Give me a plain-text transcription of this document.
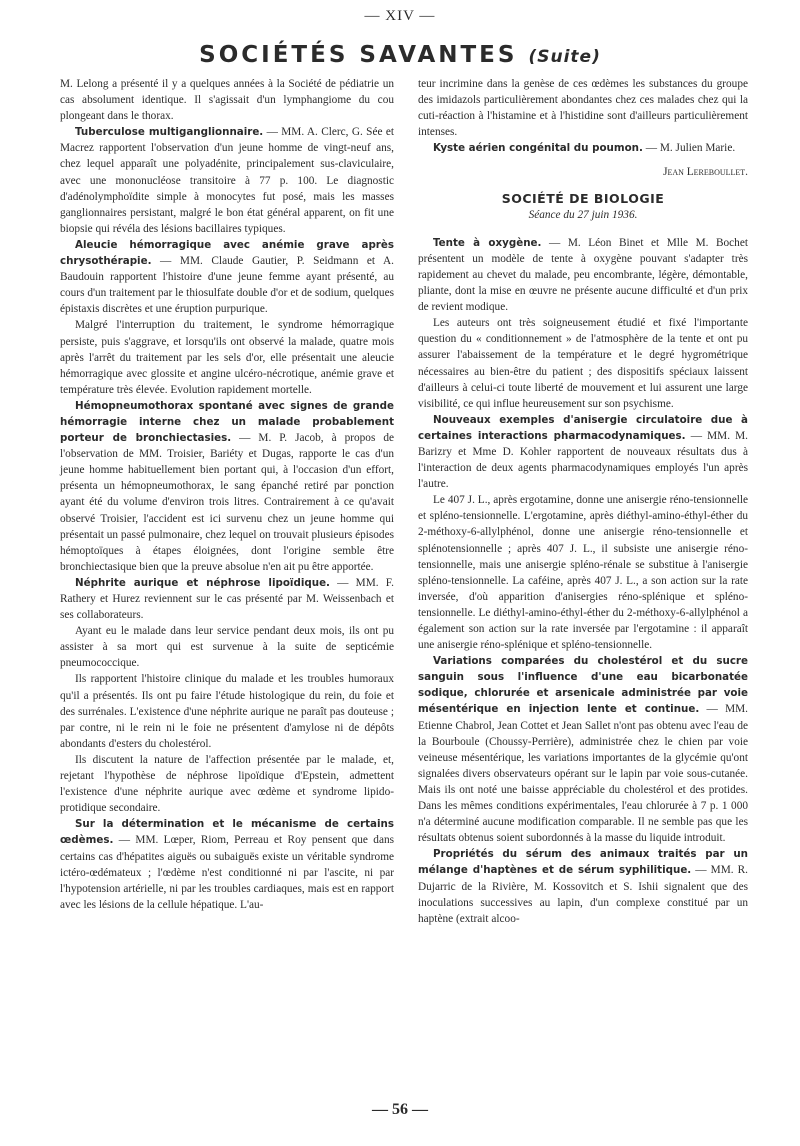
— XIV —
SOCIÉTÉS SAVANTES (Suite)

M. Lelong a présenté il y a quelques années à la Société de pédiatrie un cas absolument identique. Il s'agissait d'un lymphangiome du cou plongeant dans le thorax.

Tuberculose multiganglionnaire. — MM. A. Clerc, G. Sée et Macrez rapportent l'observation d'un jeune homme de vingt-neuf ans, chez lequel apparaît une polyadénite, principalement sus-claviculaire, avec une mononucléose transitoire à 77 p. 100. Le diagnostic d'adénolymphoïdite simple à monocytes fut posé, mais les masses ganglionnaires persistant, malgré le bon état général apparent, on fit une biopsie qui révéla des lésions bacillaires typiques.

Aleucie hémorragique avec anémie grave après chrysothérapie. — MM. Claude Gautier, P. Seidmann et A. Baudouin rapportent l'histoire d'une jeune femme ayant présenté, au cours d'un traitement par le thiosulfate double d'or et de sodium, quelques épistaxis discrètes et une éruption purpurique.

Malgré l'interruption du traitement, le syndrome hémorragique persiste, puis s'aggrave, et lorsqu'ils ont observé la malade, quatre mois après l'arrêt du traitement par les sels d'or, elle présentait une aleucie hémorragique avec glossite et angine ulcéro-nécrotique, anémie grave et température très élevée. Evolution rapidement mortelle.

Hémopneumothorax spontané avec signes de grande hémorragie interne chez un malade probablement porteur de bronchiectasies. — M. P. Jacob, à propos de l'observation de MM. Troisier, Bariéty et Dugas, rapporte le cas d'un jeune homme habituellement bien portant qui, à l'occasion d'un effort, présenta un hémopneumothorax, le sang épanché retiré par ponction ayant été du volume d'environ trois litres. Contrairement à ce qu'avait observé Troisier, l'accident est ici survenu chez un jeune homme qui présentait un passé pulmonaire, chez lequel on trouvait plusieurs épisodes hémoptoïques à étapes éloignées, dont l'origine semble être bronchiectasique bien que la preuve absolue n'en ait pu être apportée.

Néphrite aurique et néphrose lipoïdique. — MM. F. Rathery et Hurez reviennent sur le cas présenté par M. Weissenbach et ses collaborateurs.

Ayant eu le malade dans leur service pendant deux mois, ils ont pu assister à sa mort qui est survenue à la suite de septicémie pneumococcique.

Ils rapportent l'histoire clinique du malade et les troubles humoraux qu'il a présentés. Ils ont pu faire l'étude histologique du rein, du foie et des surrénales. L'existence d'une néphrite aurique ne paraît pas douteuse ; par contre, ni le rein ni le foie ne présentent d'amylose ni de dépôts abondants d'esters du cholestérol.

Ils discutent la nature de l'affection présentée par le malade, et, rejetant l'hypothèse de néphrose lipoïdique d'Epstein, admettent l'existence d'une néphrite aurique avec œdème et syndrome lipido-protidique secondaire.

Sur la détermination et le mécanisme de certains œdèmes. — MM. Lœper, Riom, Perreau et Roy pensent que dans certains cas d'hépatites aiguës ou subaiguës existe un véritable syndrome ictéro-œdémateux ; l'œdème n'est conditionné ni par l'ascite, ni par l'hypotension artérielle, ni par les troubles cardiaques, mais est en rapport avec les lésions de la cellule hépatique. L'au-

teur incrimine dans la genèse de ces œdèmes les substances du groupe des imidazols particulièrement abondantes chez ces malades chez qui la cuti-réaction à l'histamine et à l'histidine sont d'ailleurs particulièrement intenses.

Kyste aérien congénital du poumon. — M. Julien Marie.

Jean Lereboullet.
SOCIÉTÉ DE BIOLOGIE
Séance du 27 juin 1936.

Tente à oxygène. — M. Léon Binet et Mlle M. Bochet présentent un modèle de tente à oxygène pouvant s'adapter très rapidement au chevet du malade, peu encombrante, légère, démontable, pliante, dont la mise en œuvre ne présente aucune difficulté et d'un prix de revient modique.

Les auteurs ont très soigneusement étudié et fixé l'importante question du « conditionnement » de l'atmosphère de la tente et ont pu assurer l'abaissement de la température et le degré hygrométrique nécessaires au bien-être du patient ; des dispositifs spéciaux laissent d'ailleurs à celui-ci toute liberté de mouvement et lui assurent une large visibilité, ce qui influe heureusement sur son psychisme.

Nouveaux exemples d'anisergie circulatoire due à certaines interactions pharmacodynamiques. — MM. M. Barizry et Mme D. Kohler rapportent de nouveaux résultats dus à l'interaction de deux agents pharmacodynamiques employés l'un après l'autre.

Le 407 J. L., après ergotamine, donne une anisergie réno-tensionnelle et spléno-tensionnelle. L'ergotamine, après diéthyl-amino-éthyl-éther du 2-méthoxy-6-allylphénol, donne une anisergie réno-tensionnelle et splénotensionnelle ; après 407 J. L., il subsiste une anisergie réno-tensionnelle, mais une anisergie spléno-rénale se substitue à l'anisergie spléno-tensionnelle. La caféine, après 407 J. L., a son action sur la rate inversée, d'où apparition d'anisergies réno-splénique et spléno-tensionnelle. Le diéthyl-amino-éthyl-éther du 2-méthoxy-6-allylphénol a également son action sur la rate inversée par l'ergotamine : il apparaît une anisergie réno-splénique et spléno-tensionnelle.

Variations comparées du cholestérol et du sucre sanguin sous l'influence d'une eau bicarbonatée sodique, chlorurée et arsenicale administrée par voie mésentérique en injection lente et continue. — MM. Etienne Chabrol, Jean Cottet et Jean Sallet n'ont pas obtenu avec l'eau de la Bourboule (Choussy-Perrière), administrée chez le chien par voie veineuse mésentérique, les variations importantes de la glycémie qu'ont signalées divers observateurs opérant sur le lapin par voie sous-cutanée. Mais ils ont noté une baisse appréciable du cholestérol et des protides. Dans les mêmes conditions expérimentales, l'eau chlorurée à 7 p. 1 000 n'a déterminé aucune modification comparable. Il ne semble pas que les résultats obtenus soient subordonnés à la masse du liquide introduit.

Propriétés du sérum des animaux traités par un mélange d'haptènes et de sérum syphilitique. — MM. R. Dujarric de la Rivière, M. Kossovitch et S. Ishii signalent que des inoculations successives au lapin, d'un complexe constitué par un haptène (extrait alcoo-

— 56 —
